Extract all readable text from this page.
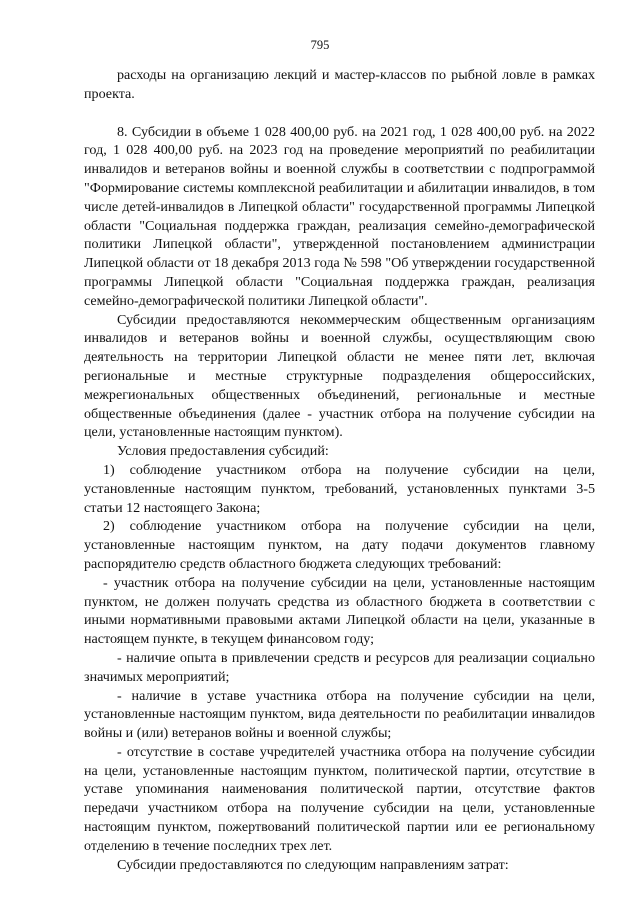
795

расходы на организацию лекций и мастер-классов по рыбной ловле в рамках проекта.

8. Субсидии в объеме 1 028 400,00 руб. на 2021 год, 1 028 400,00 руб. на 2022 год, 1 028 400,00 руб. на 2023 год на проведение мероприятий по реабилитации инвалидов и ветеранов войны и военной службы в соответствии с подпрограммой "Формирование системы комплексной реабилитации и абилитации инвалидов, в том числе детей-инвалидов в Липецкой области" государственной программы Липецкой области "Социальная поддержка граждан, реализация семейно-демографической политики Липецкой области", утвержденной постановлением администрации Липецкой области от 18 декабря 2013 года № 598 "Об утверждении государственной программы Липецкой области "Социальная поддержка граждан, реализация семейно-демографической политики Липецкой области".

Субсидии предоставляются некоммерческим общественным организациям инвалидов и ветеранов войны и военной службы, осуществляющим свою деятельность на территории Липецкой области не менее пяти лет, включая региональные и местные структурные подразделения общероссийских, межрегиональных общественных объединений, региональные и местные общественные объединения (далее - участник отбора на получение субсидии на цели, установленные настоящим пунктом).

Условия предоставления субсидий:

1) соблюдение участником отбора на получение субсидии на цели, установленные настоящим пунктом, требований, установленных пунктами 3-5 статьи 12 настоящего Закона;

2) соблюдение участником отбора на получение субсидии на цели, установленные настоящим пунктом, на дату подачи документов главному распорядителю средств областного бюджета следующих требований:

- участник отбора на получение субсидии на цели, установленные настоящим пунктом, не должен получать средства из областного бюджета в соответствии с иными нормативными правовыми актами Липецкой области на цели, указанные в настоящем пункте, в текущем финансовом году;

- наличие опыта в привлечении средств и ресурсов для реализации социально значимых мероприятий;

- наличие в уставе участника отбора на получение субсидии на цели, установленные настоящим пунктом, вида деятельности по реабилитации инвалидов войны и (или) ветеранов войны и военной службы;

- отсутствие в составе учредителей участника отбора на получение субсидии на цели, установленные настоящим пунктом, политической партии, отсутствие в уставе упоминания наименования политической партии, отсутствие фактов передачи участником отбора на получение субсидии на цели, установленные настоящим пунктом, пожертвований политической партии или ее региональному отделению в течение последних трех лет.

Субсидии предоставляются по следующим направлениям затрат:
